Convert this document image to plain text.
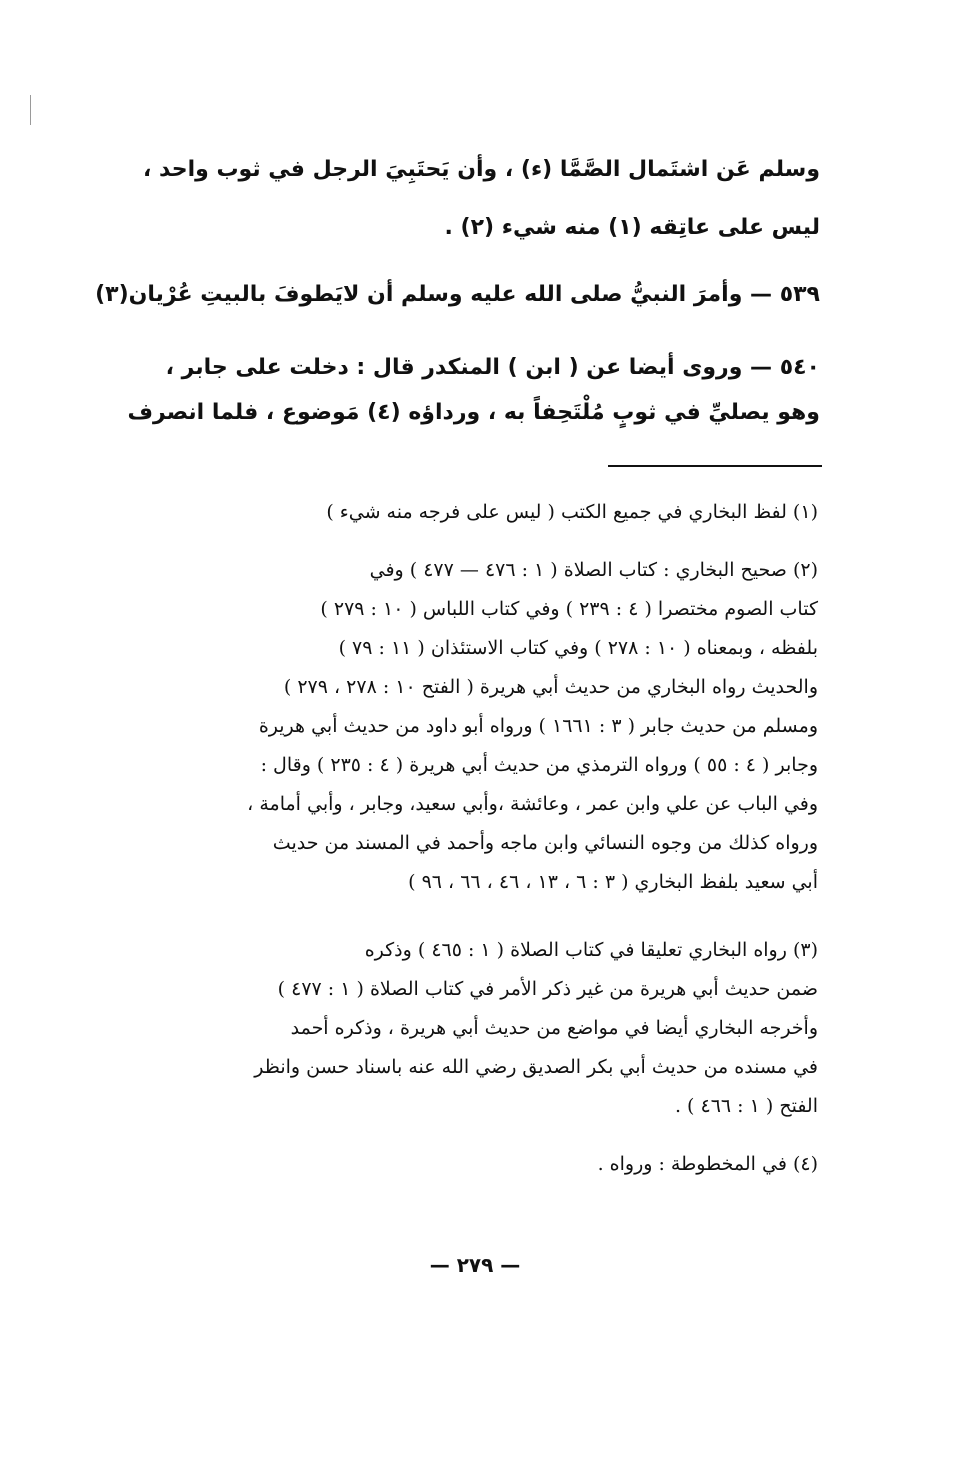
وسلم عَن اشتَمال الصَّمَّا (ء) ، وأن يَحتَبِيَ الرجل في ثوب واحد ،
ليس على عاتِقه (١) منه شيء (٢) .
٥٣٩ — وأمرَ النبيُّ صلى الله عليه وسلم أن لايَطوفَ بالبيتِ عُرْيان(٣)
٥٤٠ — وروى أيضا عن ( ابن ) المنكدر قال : دخلت على جابر ،
وهو يصليِّ في ثوبٍ مُلْتَحِفاً به ، ورداؤه (٤) مَوضوع ، فلما انصرف
(١) لفظ البخاري في جميع الكتب ( ليس على فرجه منه شيء )
(٢) صحيح البخاري : كتاب الصلاة ( ١ : ٤٧٦ — ٤٧٧ ) وفي
كتاب الصوم مختصرا ( ٤ : ٢٣٩ ) وفي كتاب اللباس ( ١٠ : ٢٧٩ )
بلفظه ، وبمعناه ( ١٠ : ٢٧٨ ) وفي كتاب الاستئذان ( ١١ : ٧٩ )
والحديث رواه البخاري من حديث أبي هريرة ( الفتح ١٠ : ٢٧٨ ، ٢٧٩ )
ومسلم من حديث جابر ( ٣ : ١٦٦١ ) ورواه أبو داود من حديث أبي هريرة
وجابر ( ٤ : ٥٥ ) ورواه الترمذي من حديث أبي هريرة ( ٤ : ٢٣٥ ) وقال :
وفي الباب عن علي وابن عمر ، وعائشة ،وأبي سعيد، وجابر ، وأبي أمامة ،
ورواه كذلك من وجوه النسائي وابن ماجه وأحمد في المسند من حديث
أبي سعيد بلفظ البخاري ( ٣ : ٦ ، ١٣ ، ٤٦ ، ٦٦ ، ٩٦ )
(٣) رواه البخاري تعليقا في كتاب الصلاة ( ١ : ٤٦٥ ) وذكره
ضمن حديث أبي هريرة من غير ذكر الأمر في كتاب الصلاة ( ١ : ٤٧٧ )
وأخرجه البخاري أيضا في مواضع من حديث أبي هريرة ، وذكره أحمد
في مسنده من حديث أبي بكر الصديق رضي الله عنه باسناد حسن وانظر
الفتح ( ١ : ٤٦٦ ) .
(٤) في المخطوطة : ورواه .
— ٢٧٩ —
